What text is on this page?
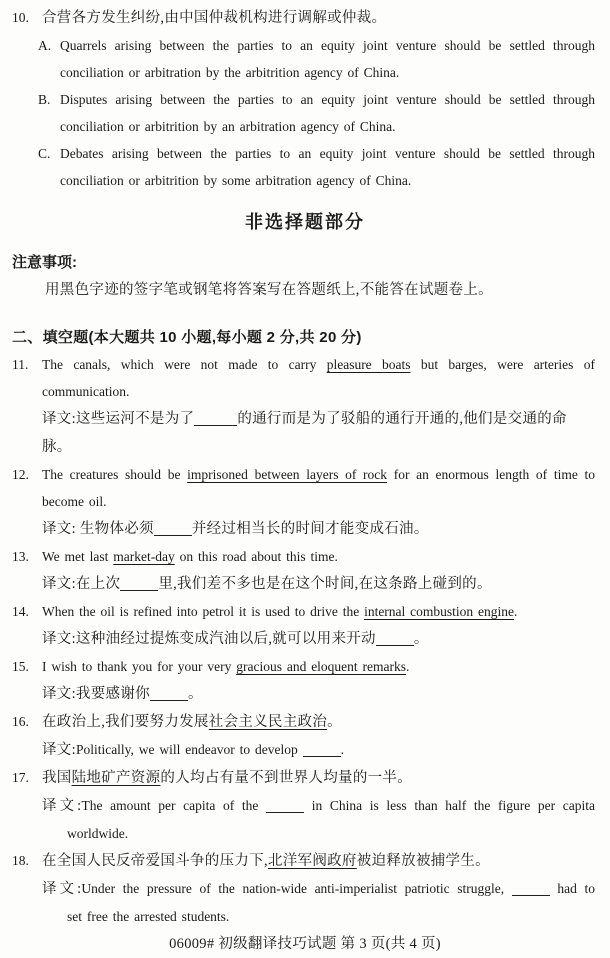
10. 合营各方发生纠纷,由中国仲裁机构进行调解或仲裁。
A. Quarrels arising between the parties to an equity joint venture should be settled through
conciliation or arbitration by the arbitrition agency of China.
B. Disputes arising between the parties to an equity joint venture should be settled through
conciliation or arbitrition by an arbitration agency of China.
C. Debates arising between the parties to an equity joint venture should be settled through
conciliation or arbitrition by some arbitration agency of China.
非选择题部分
注意事项:
用黑色字迹的签字笔或钢笔将答案写在答题纸上,不能答在试题卷上。
二、填空题(本大题共 10 小题,每小题 2 分,共 20 分)
11. The canals, which were not made to carry pleasure boats but barges, were arteries of
communication.
译文:这些运河不是为了	的通行而是为了驳船的通行开通的,他们是交通的命脉。
12. The creatures should be imprisoned between layers of rock for an enormous length of time to
become oil.
译文: 生物体必须	并经过相当长的时间才能变成石油。
13. We met last market-day on this road about this time.
译文:在上次	里,我们差不多也是在这个时间,在这条路上碰到的。
14. When the oil is refined into petrol it is used to drive the internal combustion engine.
译文:这种油经过提炼变成汽油以后,就可以用来开动	。
15. I wish to thank you for your very gracious and eloquent remarks.
译文:我要感谢你	。
16. 在政治上,我们要努力发展社会主义民主政治。
译文:Politically, we will endeavor to develop	.
17. 我国陆地矿产资源的人均占有量不到世界人均量的一半。
译文:The amount per capita of the	in China is less than half the figure per capita
worldwide.
18. 在全国人民反帝爱国斗争的压力下,北洋军阀政府被迫释放被捕学生。
译文:Under the pressure of the nation-wide anti-imperialist patriotic struggle,	had to
set free the arrested students.
06009# 初级翻译技巧试题 第 3 页(共 4 页)
